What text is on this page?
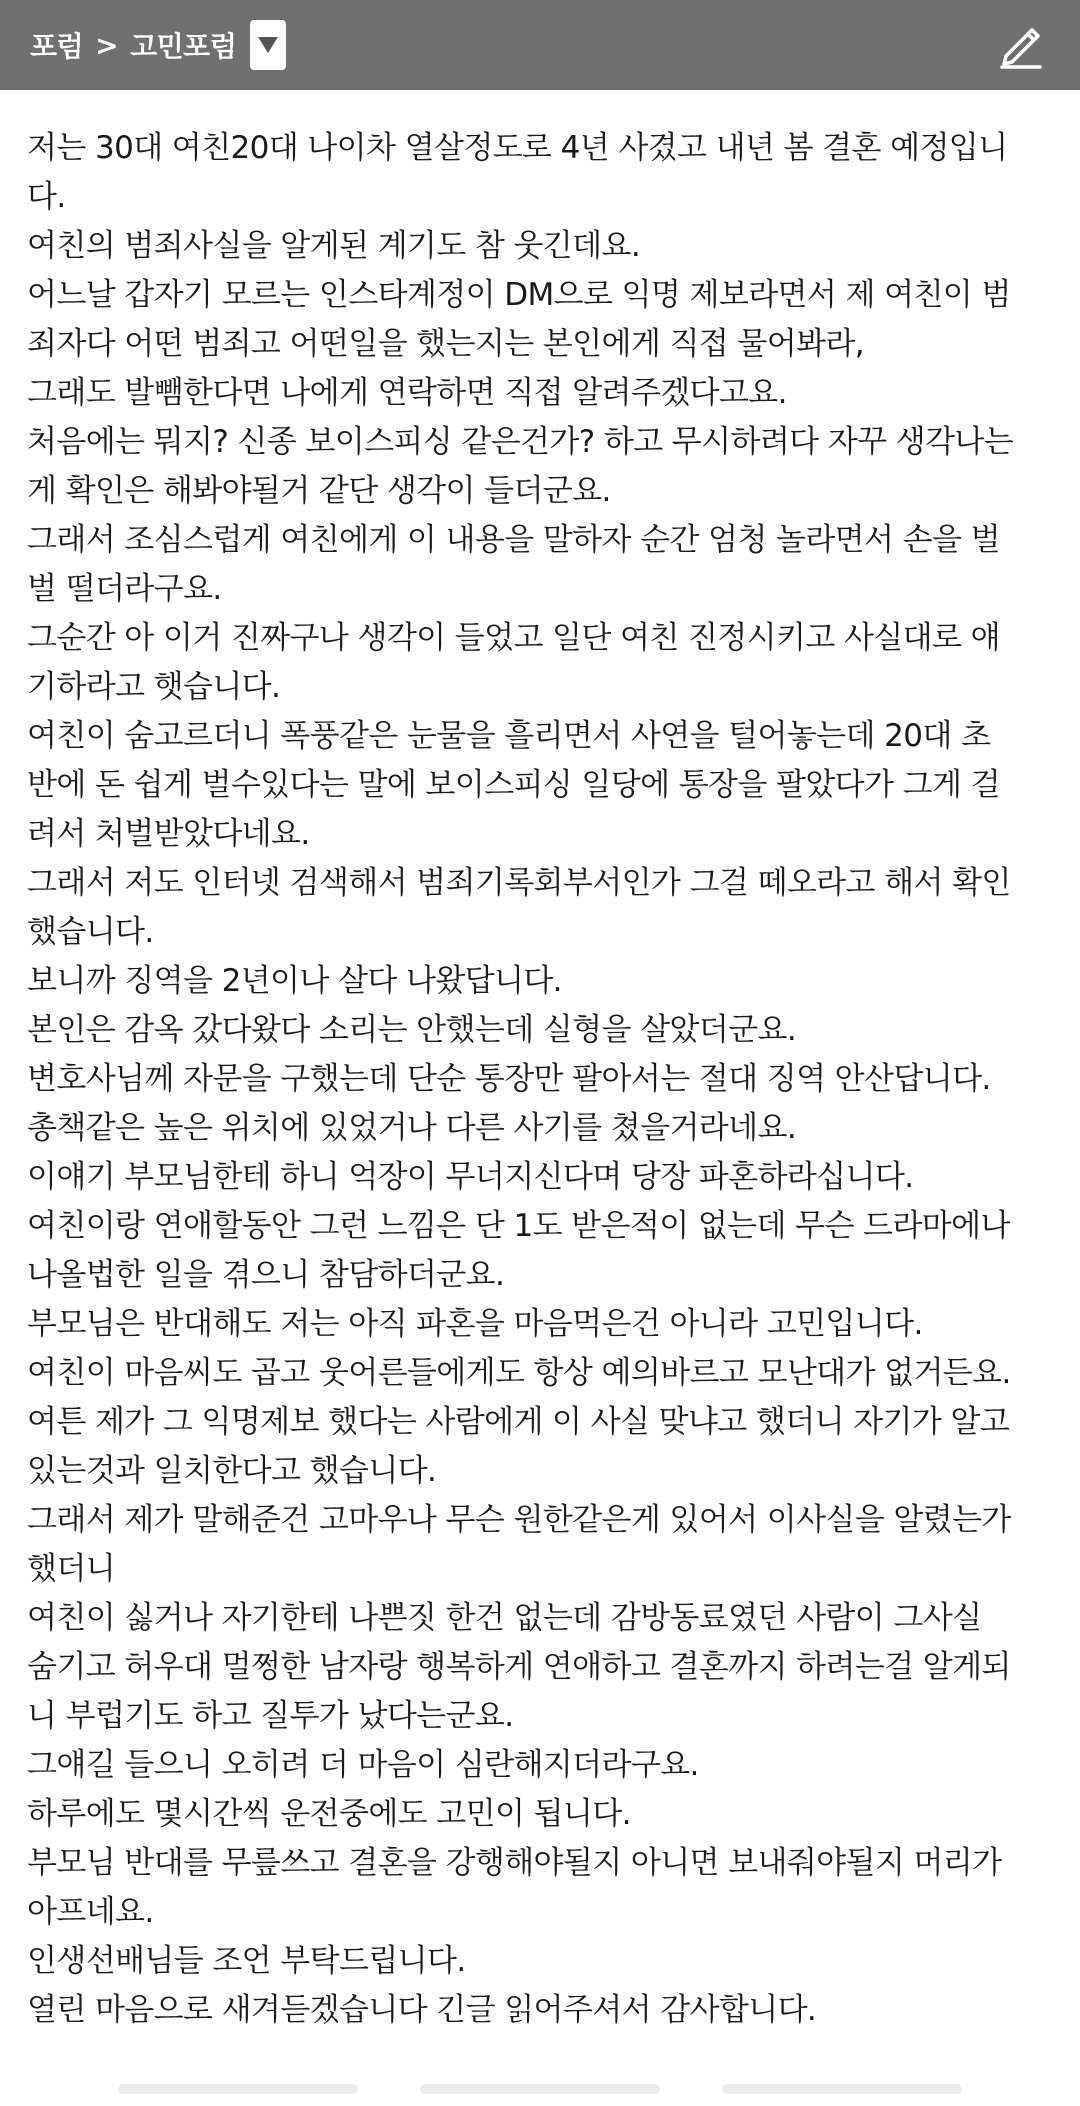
포럼 > 고민포럼
저는 30대 여친20대 나이차 열살정도로 4년 사겼고 내년 봄 결혼 예정입니
다.
여친의 범죄사실을 알게된 계기도 참 웃긴데요.
어느날 갑자기 모르는 인스타계정이 DM으로 익명 제보라면서 제 여친이 범
죄자다 어떤 범죄고 어떤일을 했는지는 본인에게 직접 물어봐라,
그래도 발뺌한다면 나에게 연락하면 직접 알려주겠다고요.
처음에는 뭐지? 신종 보이스피싱 같은건가? 하고 무시하려다 자꾸 생각나는
게 확인은 해봐야될거 같단 생각이 들더군요.
그래서 조심스럽게 여친에게 이 내용을 말하자 순간 엄청 놀라면서 손을 벌
벌 떨더라구요.
그순간 아 이거 진짜구나 생각이 들었고 일단 여친 진정시키고 사실대로 얘
기하라고 햇습니다.
여친이 숨고르더니 폭풍같은 눈물을 흘리면서 사연을 털어놓는데 20대 초
반에 돈 쉽게 벌수있다는 말에 보이스피싱 일당에 통장을 팔았다가 그게 걸
려서 처벌받았다네요.
그래서 저도 인터넷 검색해서 범죄기록회부서인가 그걸 떼오라고 해서 확인
했습니다.
보니까 징역을 2년이나 살다 나왔답니다.
본인은 감옥 갔다왔다 소리는 안했는데 실형을 살았더군요.
변호사님께 자문을 구했는데 단순 통장만 팔아서는 절대 징역 안산답니다.
총책같은 높은 위치에 있었거나 다른 사기를 쳤을거라네요.
이얘기 부모님한테 하니 억장이 무너지신다며 당장 파혼하라십니다.
여친이랑 연애할동안 그런 느낌은 단 1도 받은적이 없는데 무슨 드라마에나
나올법한 일을 겪으니 참담하더군요.
부모님은 반대해도 저는 아직 파혼을 마음먹은건 아니라 고민입니다.
여친이 마음씨도 곱고 웃어른들에게도 항상 예의바르고 모난대가 없거든요.
여튼 제가 그 익명제보 했다는 사람에게 이 사실 맞냐고 했더니 자기가 알고
있는것과 일치한다고 했습니다.
그래서 제가 말해준건 고마우나 무슨 원한같은게 있어서 이사실을 알렸는가
했더니
여친이 싫거나 자기한테 나쁜짓 한건 없는데 감방동료였던 사람이 그사실
숨기고 허우대 멀쩡한 남자랑 행복하게 연애하고 결혼까지 하려는걸 알게되
니 부럽기도 하고 질투가 났다는군요.
그얘길 들으니 오히려 더 마음이 심란해지더라구요.
하루에도 몇시간씩 운전중에도 고민이 됩니다.
부모님 반대를 무릎쓰고 결혼을 강행해야될지 아니면 보내줘야될지 머리가
아프네요.
인생선배님들 조언 부탁드립니다.
열린 마음으로 새겨듣겠습니다 긴글 읽어주셔서 감사합니다.
